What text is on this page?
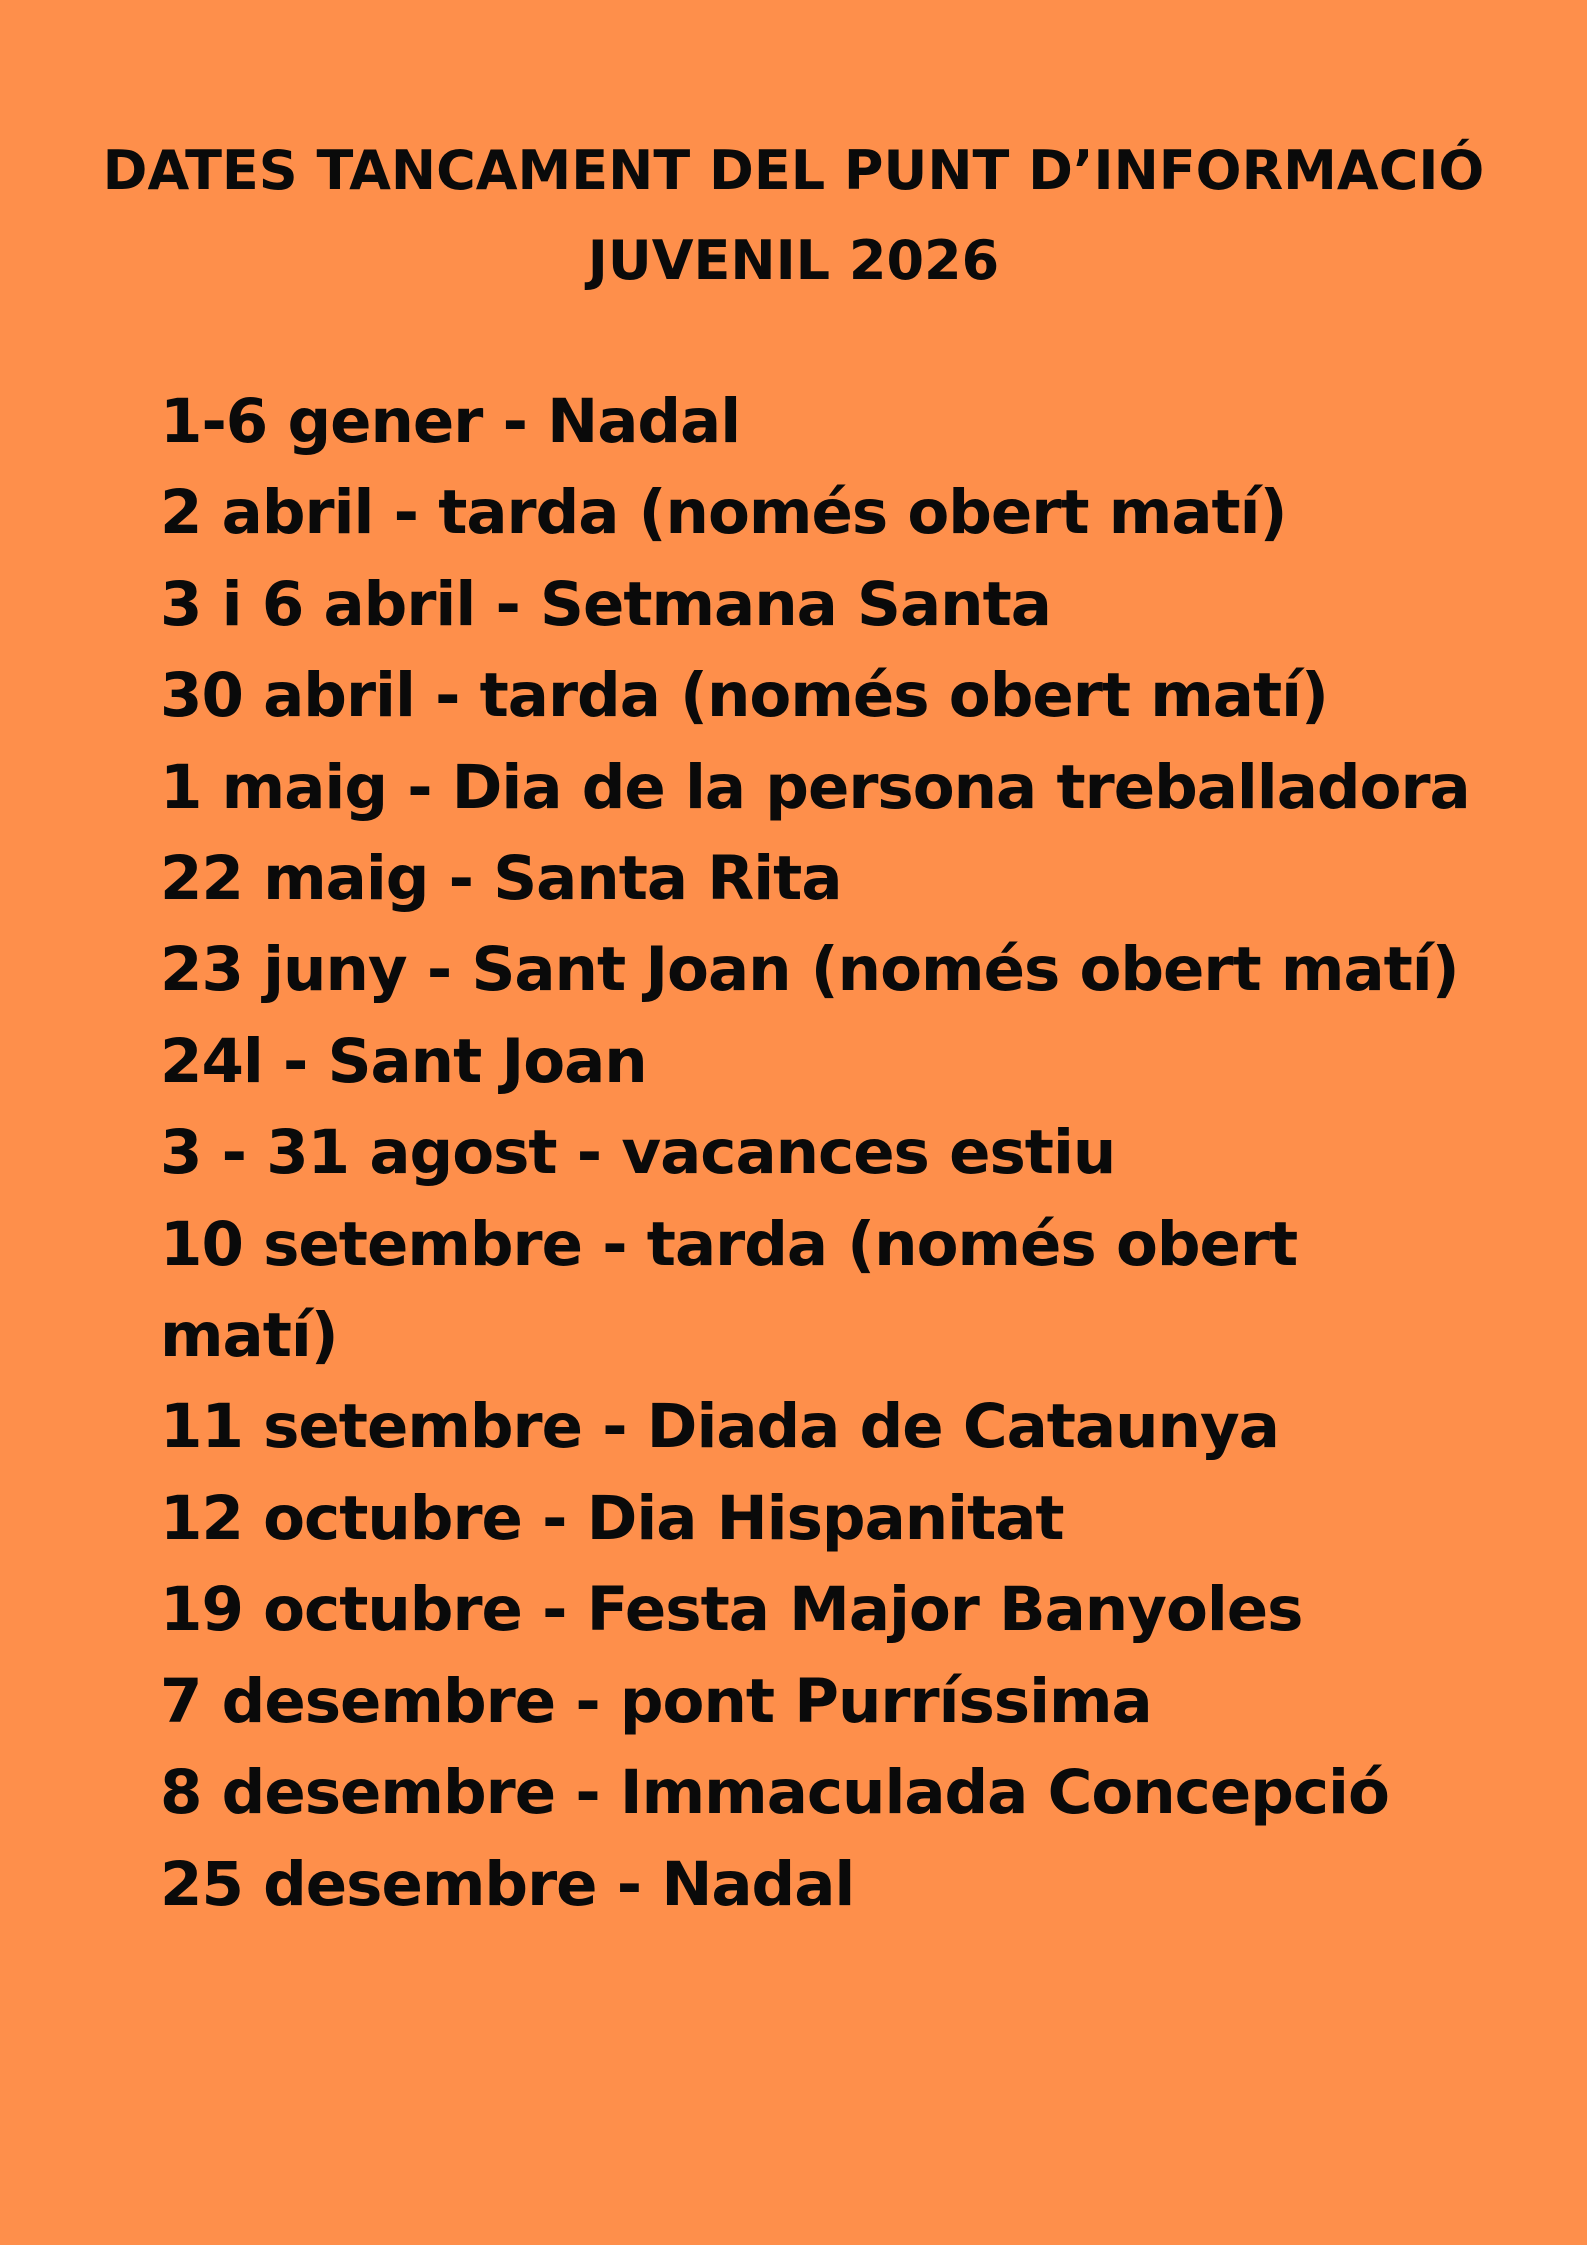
DATES TANCAMENT DEL PUNT D’INFORMACIÓ
JUVENIL 2026
1-6 gener - Nadal
2 abril - tarda (només obert matí)
3 i 6 abril - Setmana Santa
30 abril - tarda (només obert matí)
1 maig - Dia de la persona treballadora
22 maig - Santa Rita
23 juny - Sant Joan (només obert matí)
24l - Sant Joan
3 - 31 agost - vacances estiu
10 setembre - tarda (només obert
matí)
11 setembre - Diada de Cataunya
12 octubre - Dia Hispanitat
19 octubre - Festa Major Banyoles
7 desembre - pont Purríssima
8 desembre - Immaculada Concepció
25 desembre - Nadal
